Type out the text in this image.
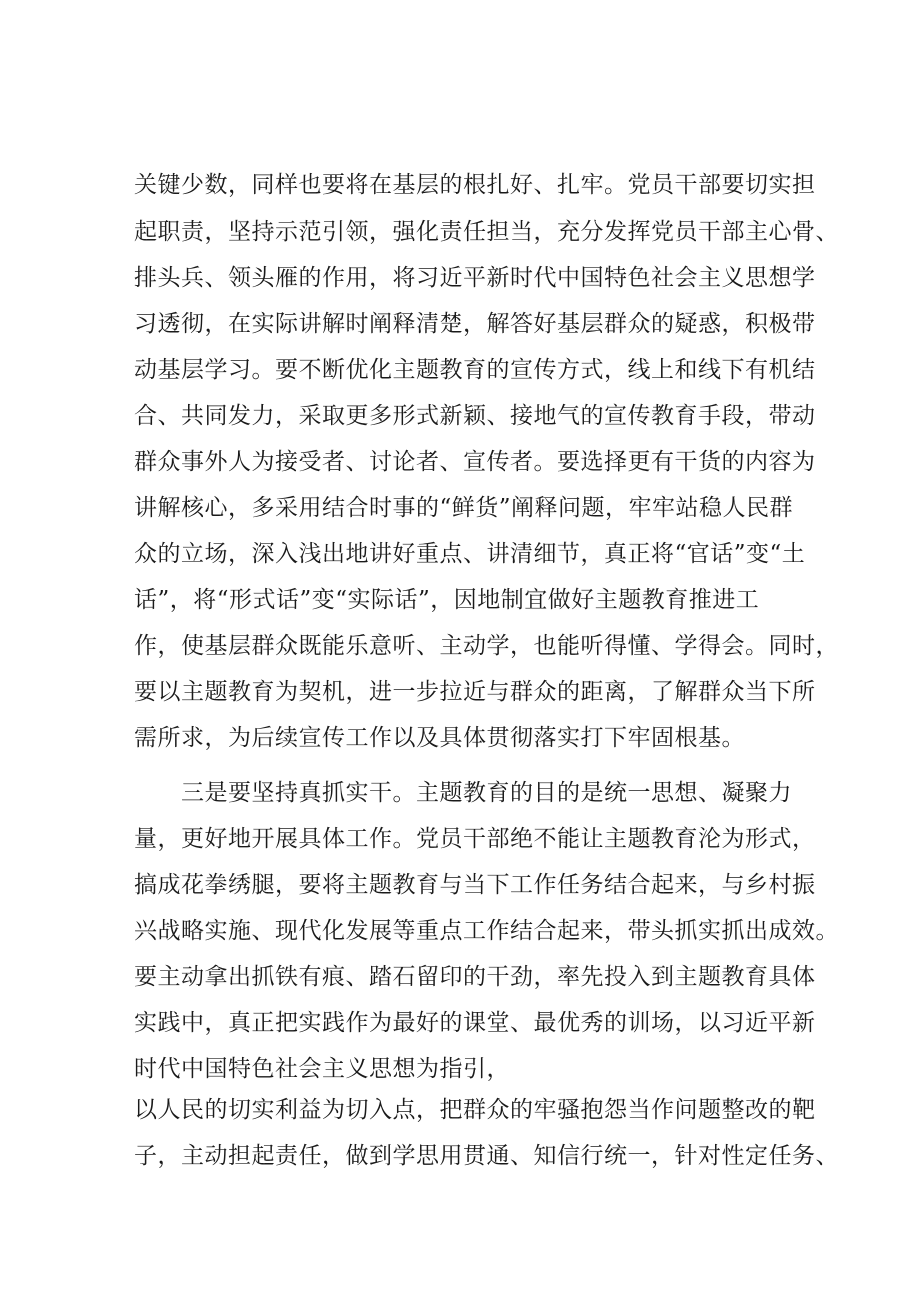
关键少数，同样也要将在基层的根扎好、扎牢。党员干部要切实担
起职责，坚持示范引领，强化责任担当，充分发挥党员干部主心骨、
排头兵、领头雁的作用，将习近平新时代中国特色社会主义思想学
习透彻，在实际讲解时阐释清楚，解答好基层群众的疑惑，积极带
动基层学习。要不断优化主题教育的宣传方式，线上和线下有机结
合、共同发力，采取更多形式新颖、接地气的宣传教育手段，带动
群众事外人为接受者、讨论者、宣传者。要选择更有干货的内容为
讲解核心，多采用结合时事的“鲜货”阐释问题，牢牢站稳人民群
众的立场，深入浅出地讲好重点、讲清细节，真正将“官话”变“土
话”，将“形式话”变“实际话”，因地制宜做好主题教育推进工
作，使基层群众既能乐意听、主动学，也能听得懂、学得会。同时，
要以主题教育为契机，进一步拉近与群众的距离，了解群众当下所
需所求，为后续宣传工作以及具体贯彻落实打下牢固根基。
三是要坚持真抓实干。主题教育的目的是统一思想、凝聚力
量，更好地开展具体工作。党员干部绝不能让主题教育沦为形式，
搞成花拳绣腿，要将主题教育与当下工作任务结合起来，与乡村振
兴战略实施、现代化发展等重点工作结合起来，带头抓实抓出成效。
要主动拿出抓铁有痕、踏石留印的干劲，率先投入到主题教育具体
实践中，真正把实践作为最好的课堂、最优秀的训场，以习近平新
时代中国特色社会主义思想为指引，
以人民的切实利益为切入点，把群众的牢骚抱怨当作问题整改的靶
子，主动担起责任，做到学思用贯通、知信行统一，针对性定任务、
